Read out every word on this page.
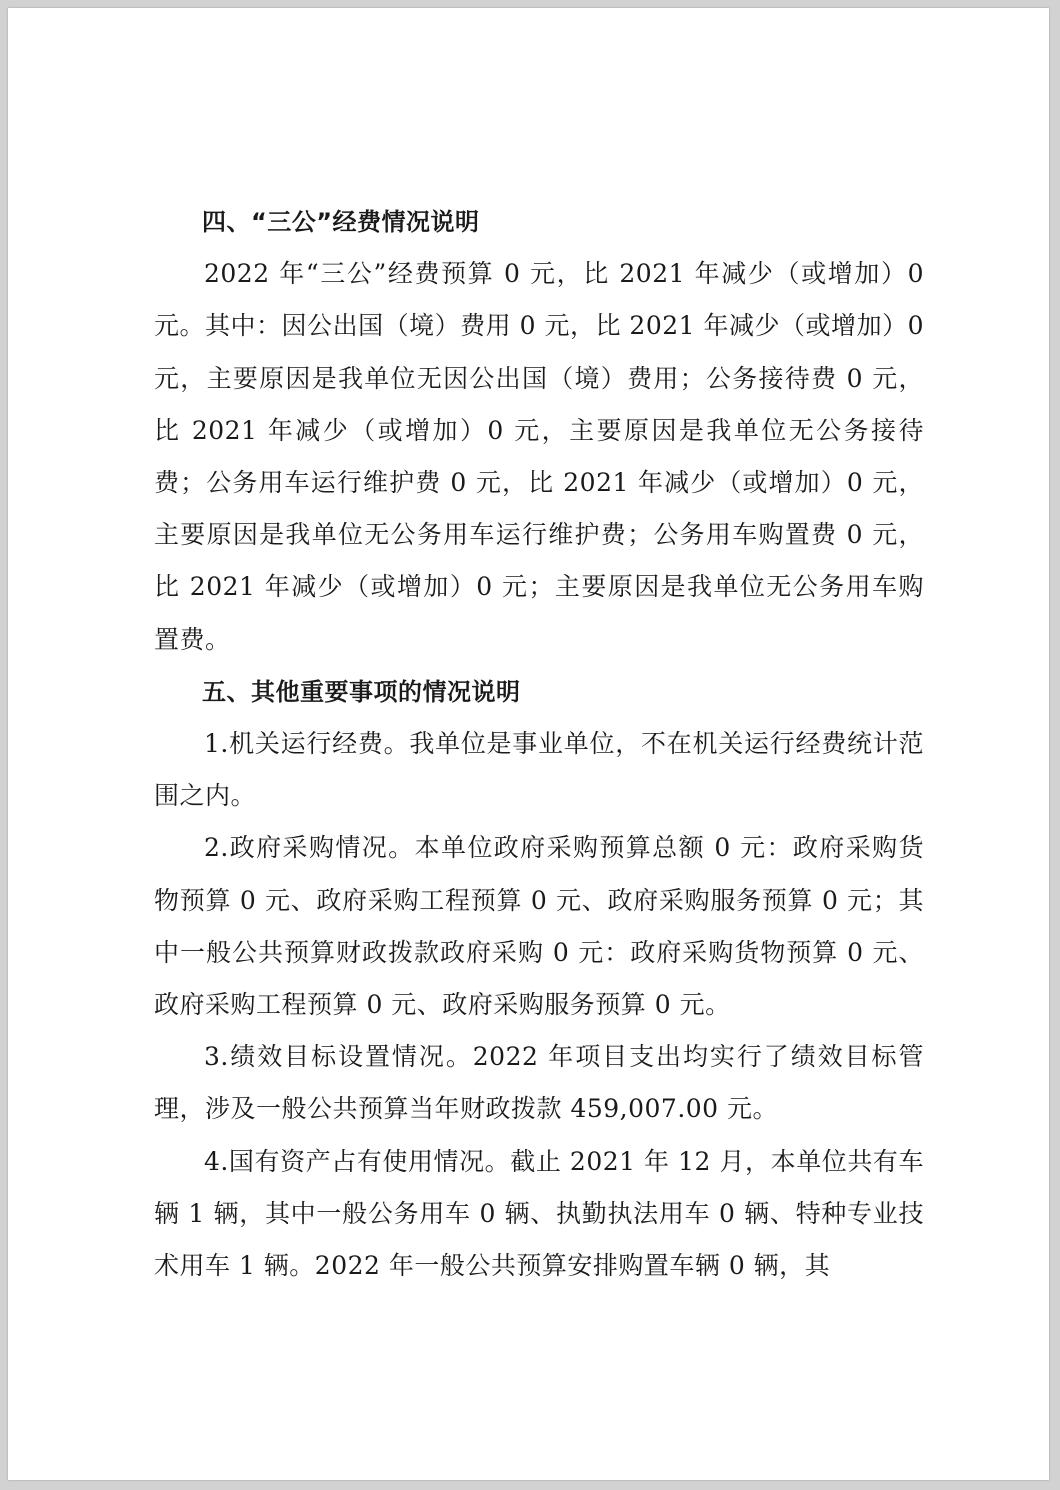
四、“三公”经费情况说明

2022 年“三公”经费预算 0 元，比 2021 年减少（或增加）0 元。其中：因公出国（境）费用 0 元，比 2021 年减少（或增加）0 元，主要原因是我单位无因公出国（境）费用；公务接待费 0 元，比 2021 年减少（或增加）0 元，主要原因是我单位无公务接待费；公务用车运行维护费 0 元，比 2021 年减少（或增加）0 元，主要原因是我单位无公务用车运行维护费；公务用车购置费 0 元，比 2021 年减少（或增加）0 元；主要原因是我单位无公务用车购置费。

五、其他重要事项的情况说明

1.机关运行经费。我单位是事业单位，不在机关运行经费统计范围之内。

2.政府采购情况。本单位政府采购预算总额 0 元：政府采购货物预算 0 元、政府采购工程预算 0 元、政府采购服务预算 0 元；其中一般公共预算财政拨款政府采购 0 元：政府采购货物预算 0 元、政府采购工程预算 0 元、政府采购服务预算 0 元。

3.绩效目标设置情况。2022 年项目支出均实行了绩效目标管理，涉及一般公共预算当年财政拨款 459,007.00 元。

4.国有资产占有使用情况。截止 2021 年 12 月，本单位共有车辆 1 辆，其中一般公务用车 0 辆、执勤执法用车 0 辆、特种专业技术用车 1 辆。2022 年一般公共预算安排购置车辆 0 辆，其
